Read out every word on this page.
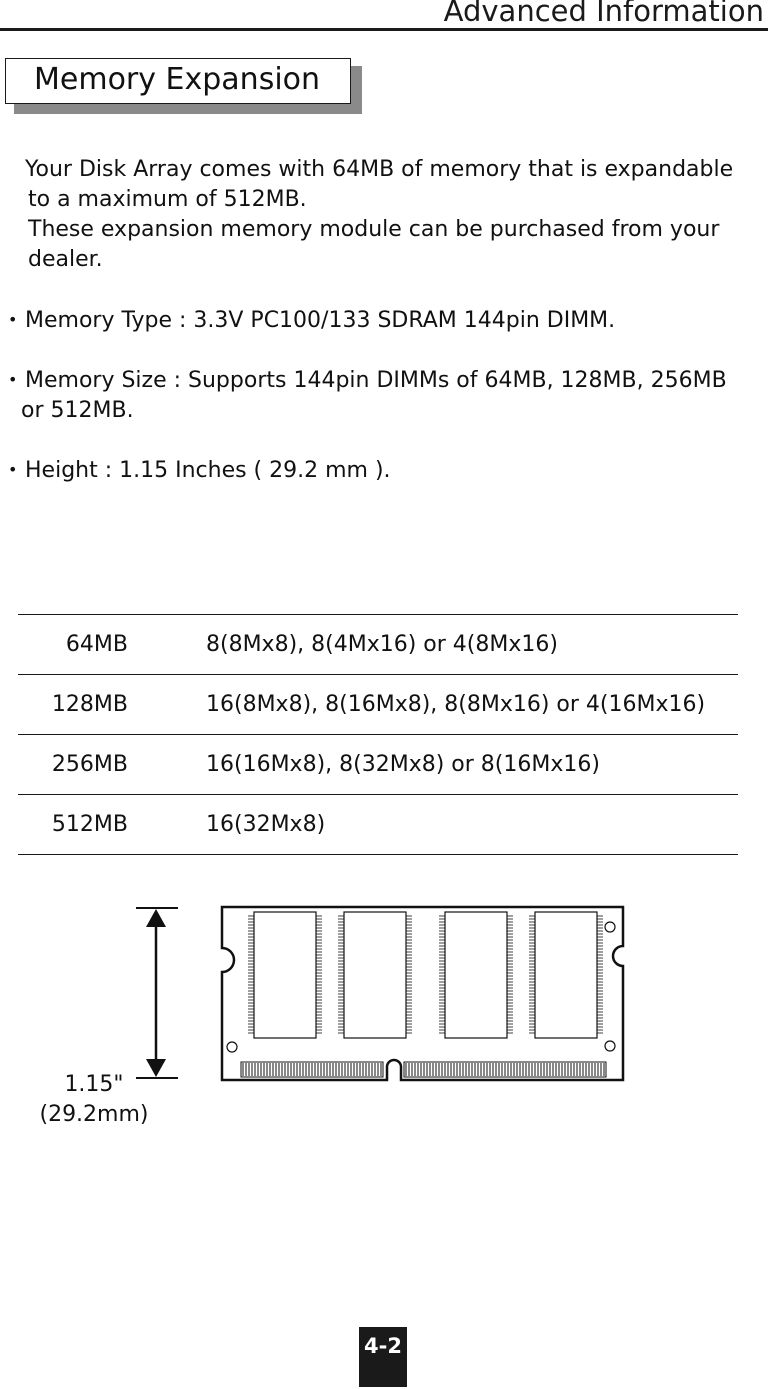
Advanced Information
Memory Expansion

Your Disk Array comes with 64MB of memory that is expandable

to a maximum of 512MB.

These expansion memory module can be purchased from your

dealer.

• Memory Type : 3.3V PC100/133 SDRAM 144pin DIMM.
• Memory Size : Supports 144pin DIMMs of 64MB, 128MB, 256MB
or 512MB.
• Height : 1.15 Inches ( 29.2 mm ).
64MB		8(8Mx8), 8(4Mx16) or 4(8Mx16)
128MB		16(8Mx8), 8(16Mx8), 8(8Mx16) or 4(16Mx16)
256MB		16(16Mx8), 8(32Mx8) or 8(16Mx16)
512MB		16(32Mx8)
1.15"
(29.2mm)
4-2
